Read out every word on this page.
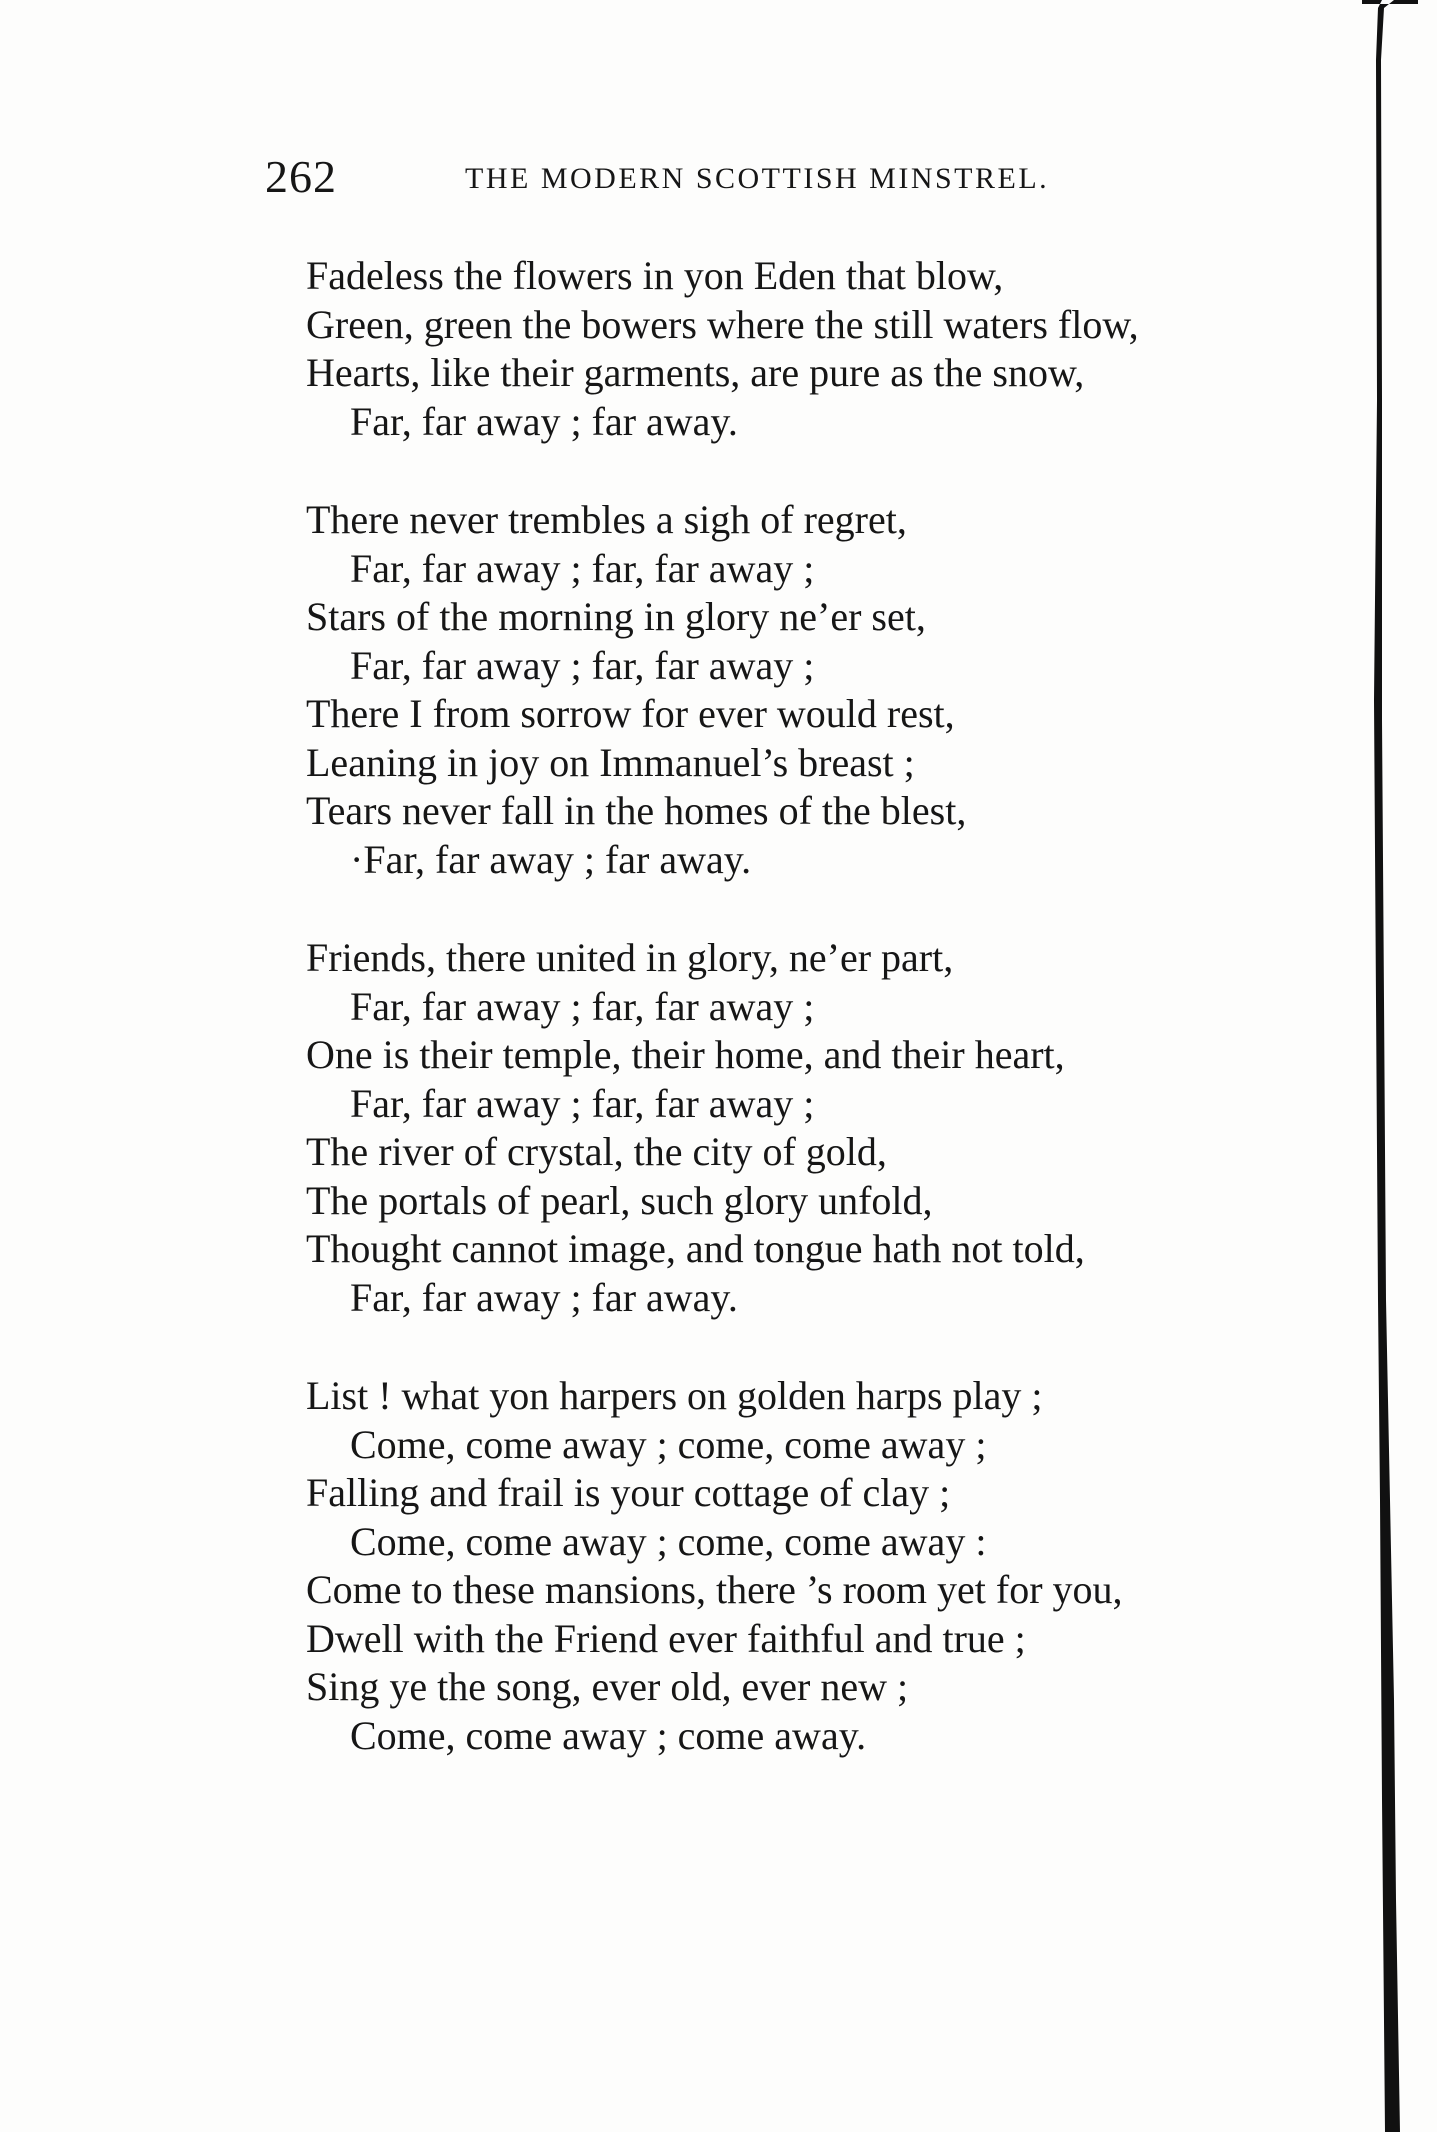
262	THE MODERN SCOTTISH MINSTREL.
Fadeless the flowers in yon Eden that blow,
Green, green the bowers where the still waters flow,
Hearts, like their garments, are pure as the snow,
Far, far away ; far away.
There never trembles a sigh of regret,
Far, far away ; far, far away ;
Stars of the morning in glory ne’er set,
Far, far away ; far, far away ;
There I from sorrow for ever would rest,
Leaning in joy on Immanuel’s breast ;
Tears never fall in the homes of the blest,
·Far, far away ; far away.
Friends, there united in glory, ne’er part,
Far, far away ; far, far away ;
One is their temple, their home, and their heart,
Far, far away ; far, far away ;
The river of crystal, the city of gold,
The portals of pearl, such glory unfold,
Thought cannot image, and tongue hath not told,
Far, far away ; far away.
List ! what yon harpers on golden harps play ;
Come, come away ; come, come away ;
Falling and frail is your cottage of clay ;
Come, come away ; come, come away :
Come to these mansions, there ’s room yet for you,
Dwell with the Friend ever faithful and true ;
Sing ye the song, ever old, ever new ;
Come, come away ; come away.
